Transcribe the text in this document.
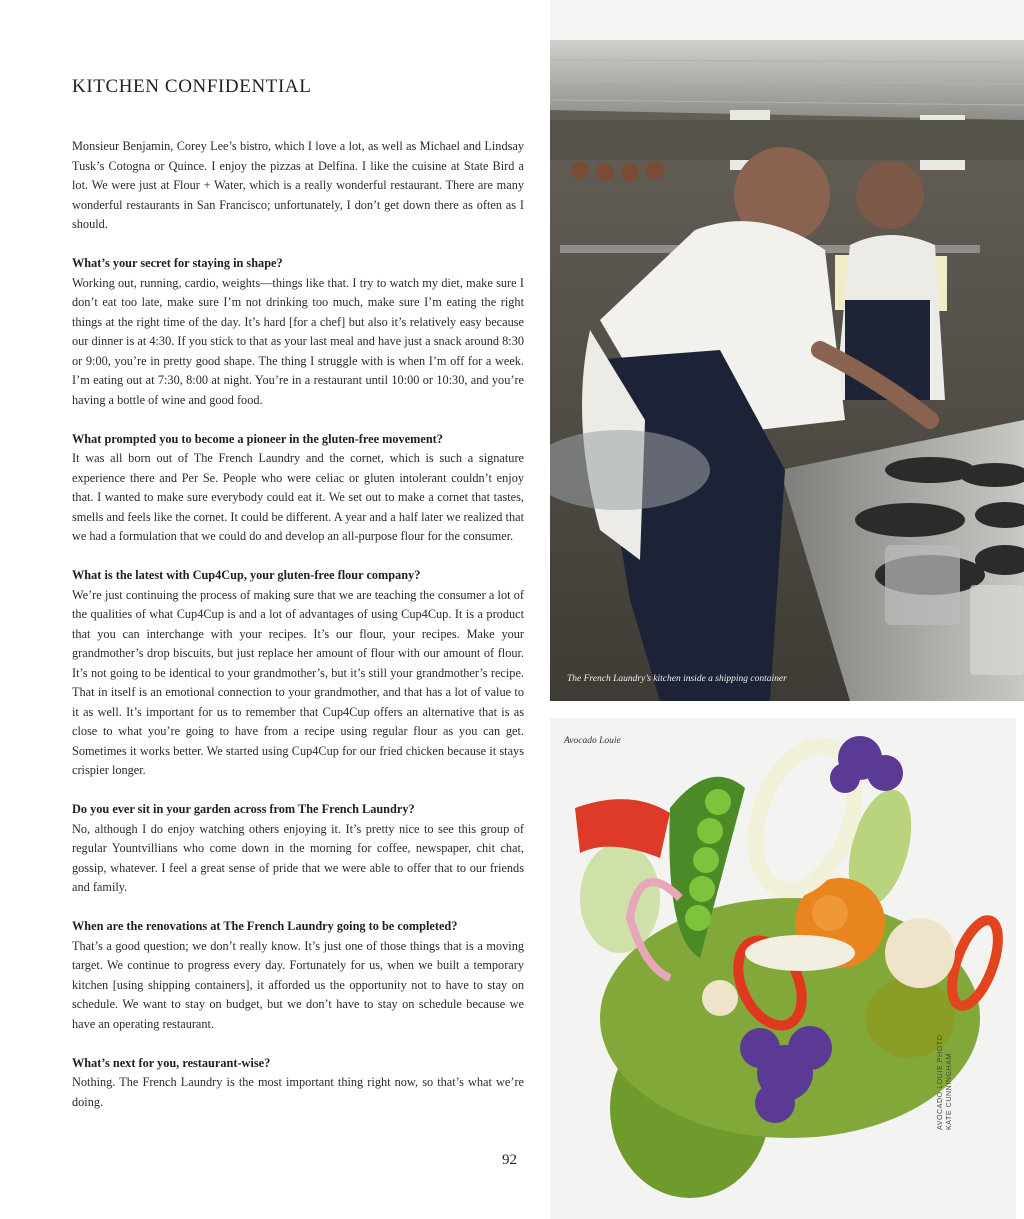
KITCHEN CONFIDENTIAL

Monsieur Benjamin, Corey Lee’s bistro, which I love a lot, as well as Michael and Lindsay Tusk’s Cotogna or Quince. I enjoy the pizzas at Delfina. I like the cuisine at State Bird a lot. We were just at Flour + Water, which is a really wonderful restaurant. There are many wonderful restaurants in San Francisco; unfortunately, I don’t get down there as often as I should.

What’s your secret for staying in shape?
Working out, running, cardio, weights—things like that. I try to watch my diet, make sure I don’t eat too late, make sure I’m not drinking too much, make sure I’m eating the right things at the right time of the day. It’s hard [for a chef] but also it’s relatively easy because our dinner is at 4:30. If you stick to that as your last meal and have just a snack around 8:30 or 9:00, you’re in pretty good shape. The thing I struggle with is when I’m off for a week. I’m eating out at 7:30, 8:00 at night. You’re in a restaurant until 10:00 or 10:30, and you’re having a bottle of wine and good food.

What prompted you to become a pioneer in the gluten-free movement?
It was all born out of The French Laundry and the cornet, which is such a signature experience there and Per Se. People who were celiac or gluten intolerant couldn’t enjoy that. I wanted to make sure everybody could eat it. We set out to make a cornet that tastes, smells and feels like the cornet. It could be different. A year and a half later we realized that we had a formulation that we could do and develop an all-purpose flour for the consumer.

What is the latest with Cup4Cup, your gluten-free flour company?
We’re just continuing the process of making sure that we are teaching the consumer a lot of the qualities of what Cup4Cup is and a lot of advantages of using Cup4Cup. It is a product that you can interchange with your recipes. It’s our flour, your recipes. Make your grandmother’s drop biscuits, but just replace her amount of flour with our amount of flour. It’s not going to be identical to your grandmother’s, but it’s still your grandmother’s recipe. That in itself is an emotional connection to your grandmother, and that has a lot of value to it as well. It’s important for us to remember that Cup4Cup offers an alternative that is as close to what you’re going to have from a recipe using regular flour as you can get. Sometimes it works better. We started using Cup4Cup for our fried chicken because it stays crispier longer.

Do you ever sit in your garden across from The French Laundry?
No, although I do enjoy watching others enjoying it. It’s pretty nice to see this group of regular Yountvillians who come down in the morning for coffee, newspaper, chit chat, gossip, whatever. I feel a great sense of pride that we were able to offer that to our friends and family.

When are the renovations at The French Laundry going to be completed?
That’s a good question; we don’t really know. It’s just one of those things that is a moving target. We continue to progress every day. Fortunately for us, when we built a temporary kitchen [using shipping containers], it afforded us the opportunity not to have to stay on schedule. We want to stay on budget, but we don’t have to stay on schedule because we have an operating restaurant.

What’s next for you, restaurant-wise?
Nothing. The French Laundry is the most important thing right now, so that’s what we’re doing.

92
The French Laundry’s kitchen inside a shipping container
Avocado Louie
AVOCADO LOUIE PHOTO KATE CUNNINGHAM
